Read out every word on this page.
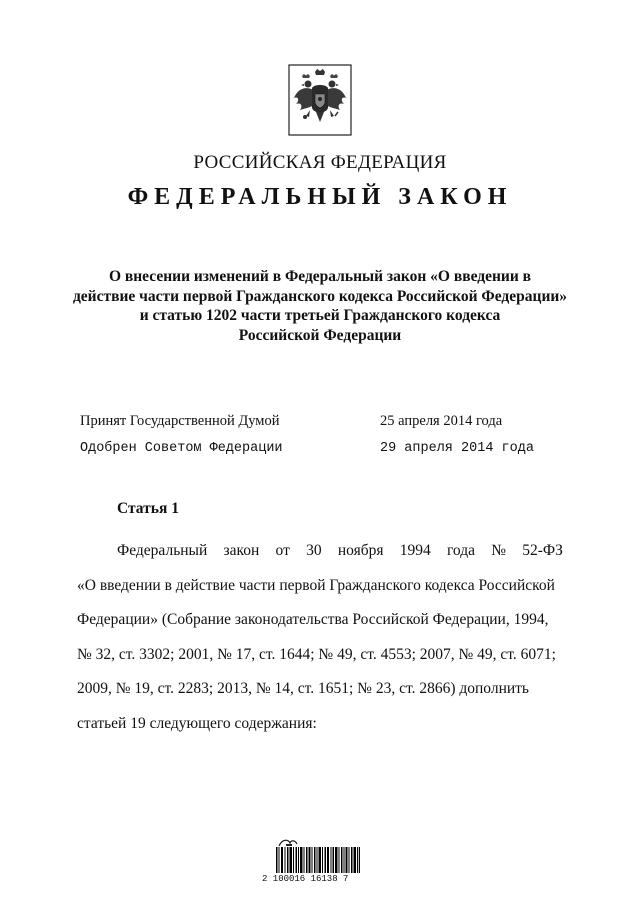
РОССИЙСКАЯ ФЕДЕРАЦИЯ
ФЕДЕРАЛЬНЫЙ ЗАКОН
О внесении изменений в Федеральный закон «О введении в
действие части первой Гражданского кодекса Российской Федерации»
и статью 1202 части третьей Гражданского кодекса
Российской Федерации
Принят Государственной Думой	25 апреля 2014 года
Одобрен Советом Федерации	29 апреля 2014 года
Статья 1
Федеральный закон от 30 ноября 1994 года № 52-ФЗ
«О введении в действие части первой Гражданского кодекса Российской
Федерации» (Собрание законодательства Российской Федерации, 1994,
№ 32, ст. 3302; 2001, № 17, ст. 1644; № 49, ст. 4553; 2007, № 49, ст. 6071;
2009, № 19, ст. 2283; 2013, № 14, ст. 1651; № 23, ст. 2866) дополнить
статьей 19 следующего содержания:
2 100016 16138 7
